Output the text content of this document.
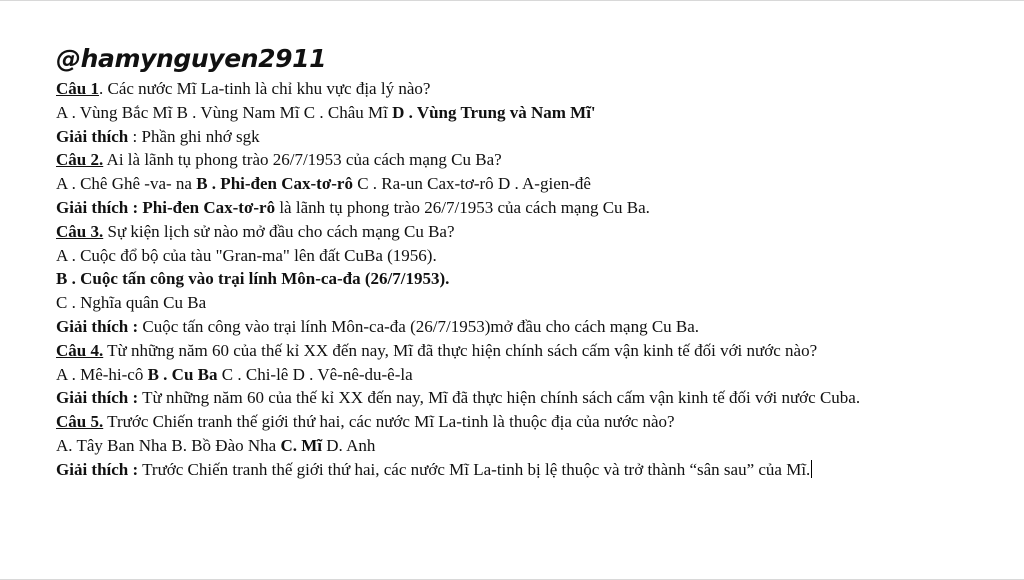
@hamynguyen2911
Câu 1. Các nước Mĩ La-tinh là chỉ khu vực địa lý nào?
A . Vùng Bắc Mĩ B . Vùng Nam Mĩ C . Châu Mĩ D . Vùng Trung và Nam Mĩ'
Giải thích : Phần ghi nhớ sgk
Câu 2. Ai là lãnh tụ phong trào 26/7/1953 của cách mạng Cu Ba?
A . Chê Ghê -va- na B . Phi-đen Cax-tơ-rô C . Ra-un Cax-tơ-rô D . A-gien-đê
Giải thích : Phi-đen Cax-tơ-rô là lãnh tụ phong trào 26/7/1953 của cách mạng Cu Ba.
Câu 3. Sự kiện lịch sử nào mở đầu cho cách mạng Cu Ba?
A . Cuộc đổ bộ của tàu "Gran-ma" lên đất CuBa (1956).
B . Cuộc tấn công vào trại lính Môn-ca-đa (26/7/1953).
C . Nghĩa quân Cu Ba
Giải thích : Cuộc tấn công vào trại lính Môn-ca-đa (26/7/1953)mở đầu cho cách mạng Cu Ba.
Câu 4. Từ những năm 60 của thế kỉ XX đến nay, Mĩ đã thực hiện chính sách cấm vận kinh tế đối với nước nào?
A . Mê-hi-cô B . Cu Ba C . Chi-lê D . Vê-nê-du-ê-la
Giải thích : Từ những năm 60 của thế kỉ XX đến nay, Mĩ đã thực hiện chính sách cấm vận kinh tế đối với nước Cuba.
Câu 5. Trước Chiến tranh thế giới thứ hai, các nước Mĩ La-tinh là thuộc địa của nước nào?
A. Tây Ban Nha B. Bồ Đào Nha C. Mĩ D. Anh
Giải thích : Trước Chiến tranh thế giới thứ hai, các nước Mĩ La-tinh bị lệ thuộc và trở thành “sân sau” của Mĩ.
